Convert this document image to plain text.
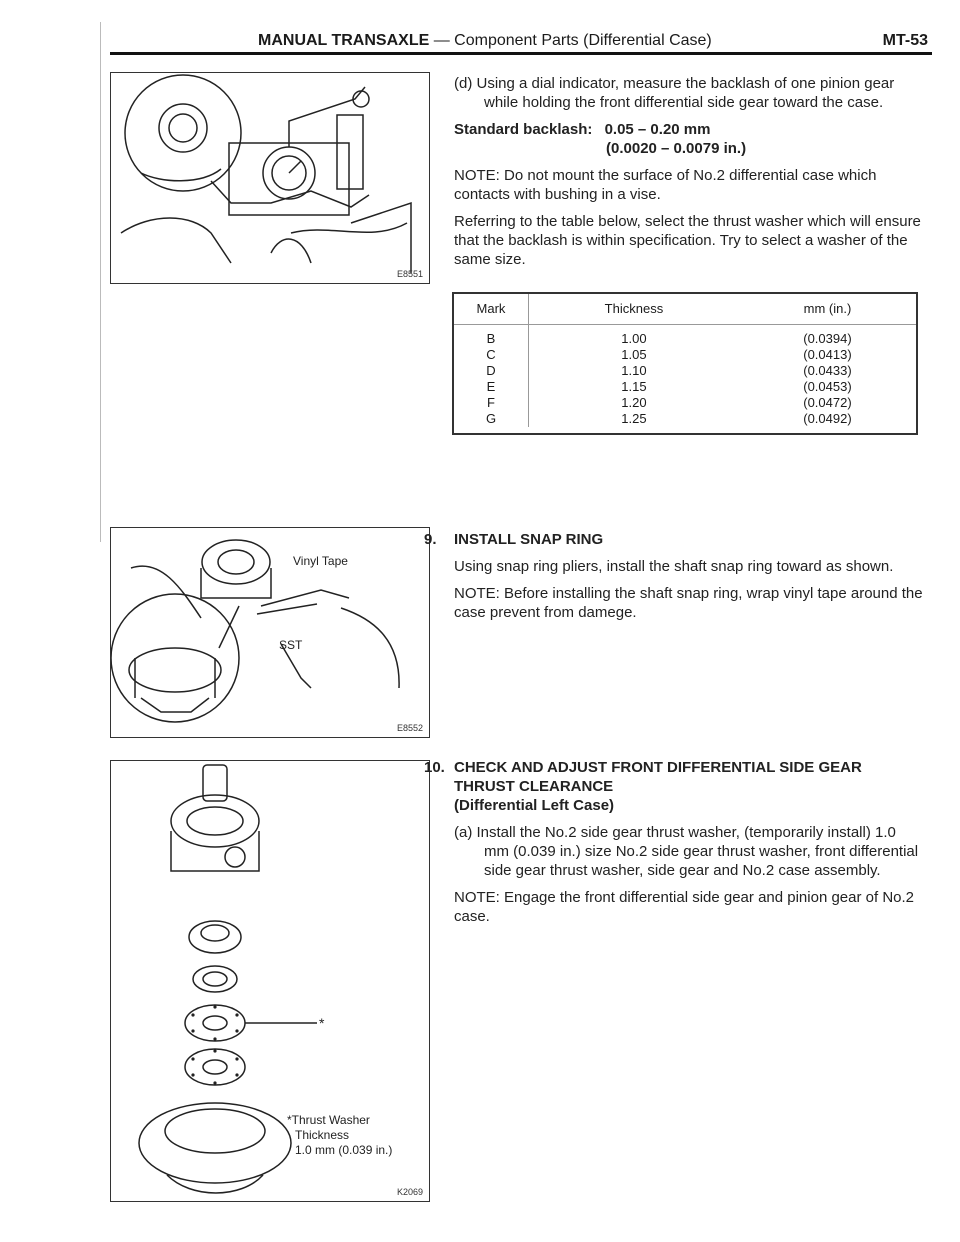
MANUAL TRANSAXLE — Component Parts (Differential Case)	MT-53
E8551
Vinyl Tape
SST
E8552
*
*Thrust Washer
Thickness
1.0 mm (0.039 in.)
K2069

(d) Using a dial indicator, measure the backlash of one pinion gear while holding the front differential side gear toward the case.

Standard backlash: 0.05 – 0.20 mm
(0.0020 – 0.0079 in.)

NOTE: Do not mount the surface of No.2 differential case which contacts with bushing in a vise.

Referring to the table below, select the thrust washer which will ensure that the backlash is within specification. Try to select a washer of the same size.

Mark	Thickness	mm (in.)
B	1.00	(0.0394)
C	1.05	(0.0413)
D	1.10	(0.0433)
E	1.15	(0.0453)
F	1.20	(0.0472)
G	1.25	(0.0492)
9. INSTALL SNAP RING

Using snap ring pliers, install the shaft snap ring toward as shown.

NOTE: Before installing the shaft snap ring, wrap vinyl tape around the case prevent from damege.

10. CHECK AND ADJUST FRONT DIFFERENTIAL SIDE GEAR
THRUST CLEARANCE
(Differential Left Case)

(a) Install the No.2 side gear thrust washer, (temporarily install) 1.0 mm (0.039 in.) size No.2 side gear thrust washer, front differential side gear thrust washer, side gear and No.2 case assembly.

NOTE: Engage the front differential side gear and pinion gear of No.2 case.
